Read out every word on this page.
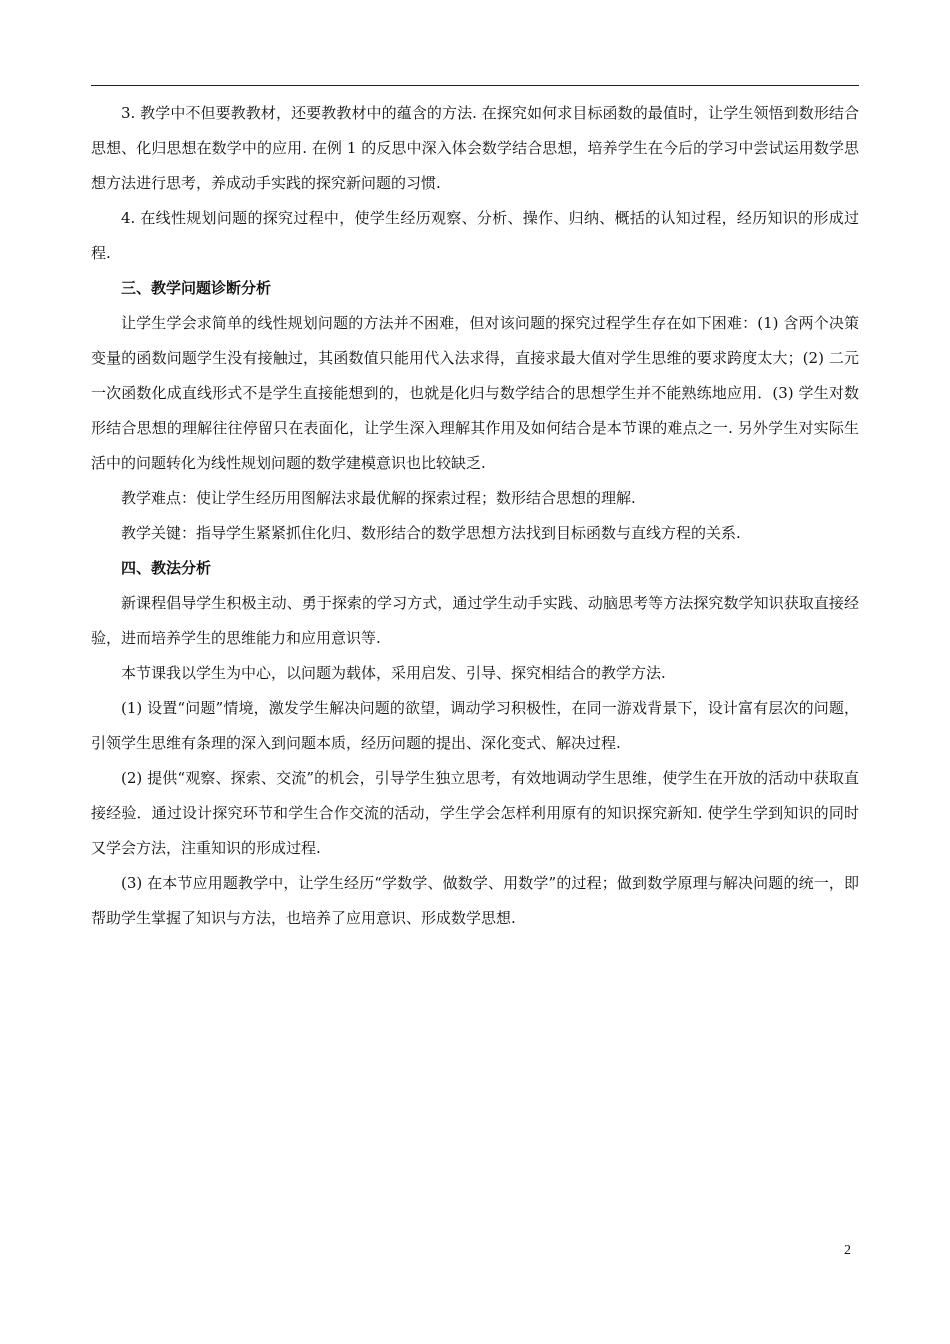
3. 教学中不但要教教材，还要教教材中的蕴含的方法. 在探究如何求目标函数的最值时，让学生领悟到数形结合思想、化归思想在数学中的应用. 在例 1 的反思中深入体会数学结合思想，培养学生在今后的学习中尝试运用数学思想方法进行思考，养成动手实践的探究新问题的习惯.

4. 在线性规划问题的探究过程中，使学生经历观察、分析、操作、归纳、概括的认知过程，经历知识的形成过程.

三、教学问题诊断分析

让学生学会求简单的线性规划问题的方法并不困难，但对该问题的探究过程学生存在如下困难：(1) 含两个决策变量的函数问题学生没有接触过，其函数值只能用代入法求得，直接求最大值对学生思维的要求跨度太大；(2) 二元一次函数化成直线形式不是学生直接能想到的，也就是化归与数学结合的思想学生并不能熟练地应用．(3) 学生对数形结合思想的理解往往停留只在表面化，让学生深入理解其作用及如何结合是本节课的难点之一. 另外学生对实际生活中的问题转化为线性规划问题的数学建模意识也比较缺乏.

教学难点：使让学生经历用图解法求最优解的探索过程；数形结合思想的理解.

教学关键：指导学生紧紧抓住化归、数形结合的数学思想方法找到目标函数与直线方程的关系.

四、教法分析

新课程倡导学生积极主动、勇于探索的学习方式，通过学生动手实践、动脑思考等方法探究数学知识获取直接经验，进而培养学生的思维能力和应用意识等.

本节课我以学生为中心，以问题为载体，采用启发、引导、探究相结合的教学方法.

(1) 设置“问题”情境，激发学生解决问题的欲望，调动学习积极性，在同一游戏背景下，设计富有层次的问题，引领学生思维有条理的深入到问题本质，经历问题的提出、深化变式、解决过程.

(2) 提供“观察、探索、交流”的机会，引导学生独立思考，有效地调动学生思维，使学生在开放的活动中获取直接经验．通过设计探究环节和学生合作交流的活动，学生学会怎样利用原有的知识探究新知. 使学生学到知识的同时又学会方法，注重知识的形成过程.

(3) 在本节应用题教学中，让学生经历“学数学、做数学、用数学”的过程；做到数学原理与解决问题的统一，即帮助学生掌握了知识与方法，也培养了应用意识、形成数学思想.

2
